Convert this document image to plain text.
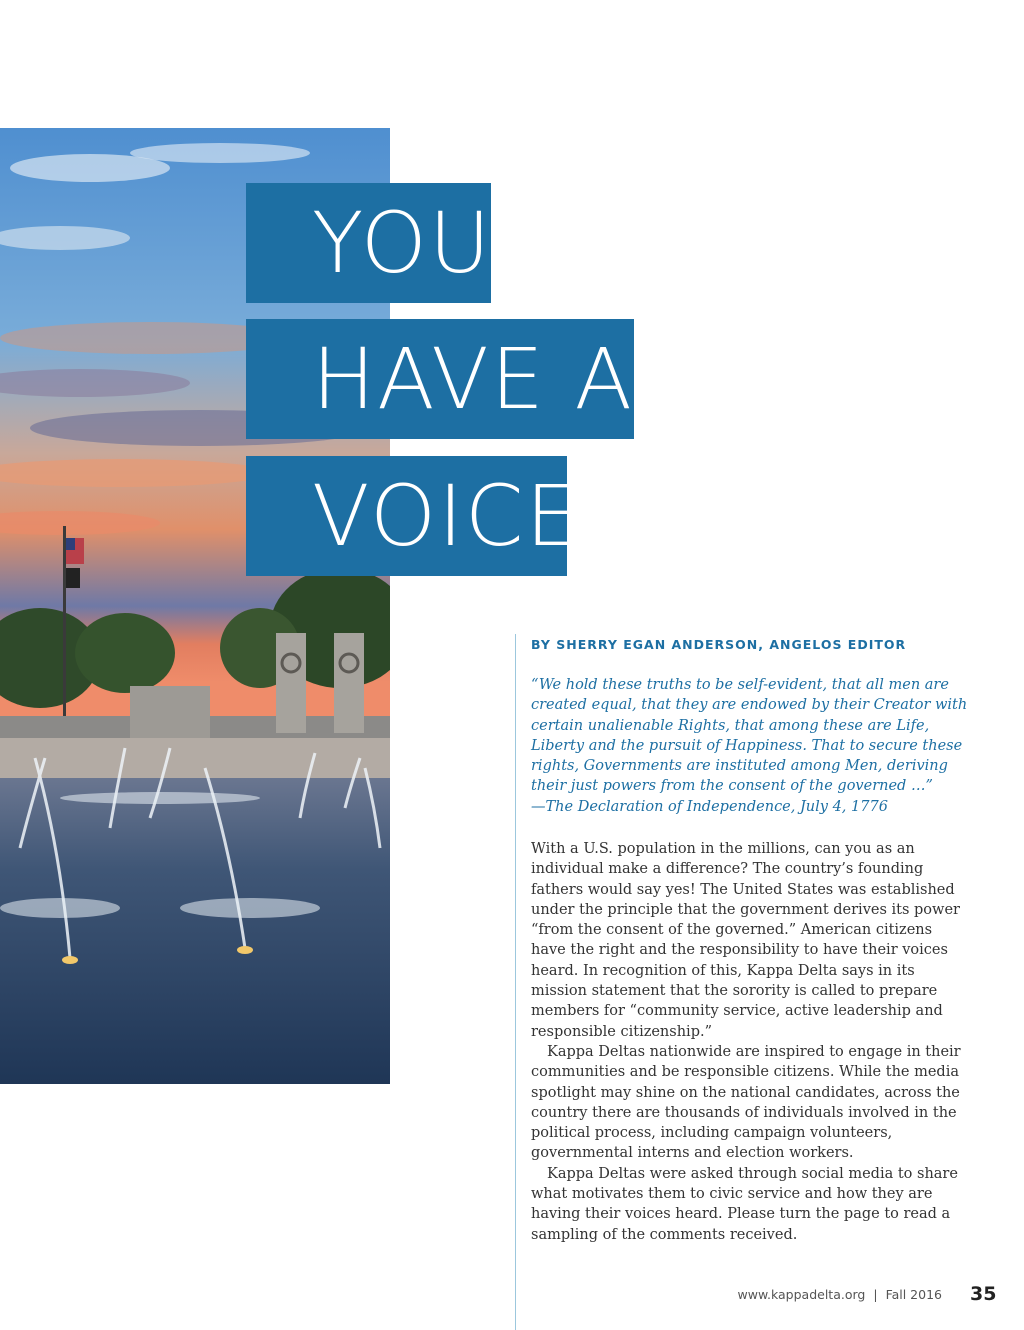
YOU
HAVE A
VOICE
BY SHERRY EGAN ANDERSON, ANGELOS EDITOR
“We hold these truths to be self-evident, that all men are created equal, that they are endowed by their Creator with certain unalienable Rights, that among these are Life, Liberty and the pursuit of Happiness. That to secure these rights, Governments are instituted among Men, deriving their just powers from the consent of the governed …”
—The Declaration of Independence, July 4, 1776

With a U.S. population in the millions, can you as an individual make a difference? The country’s founding fathers would say yes! The United States was established under the principle that the government derives its power “from the consent of the governed.” American citizens have the right and the responsibility to have their voices heard. In recognition of this, Kappa Delta says in its mission statement that the sorority is called to prepare members for “community service, active leadership and responsible citizenship.”

Kappa Deltas nationwide are inspired to engage in their communities and be responsible citizens. While the media spotlight may shine on the national candidates, across the country there are thousands of individuals involved in the political process, including campaign volunteers, governmental interns and election workers.

Kappa Deltas were asked through social media to share what motivates them to civic service and how they are having their voices heard. Please turn the page to read a sampling of the comments received.

www.kappadelta.org | Fall 2016 35
